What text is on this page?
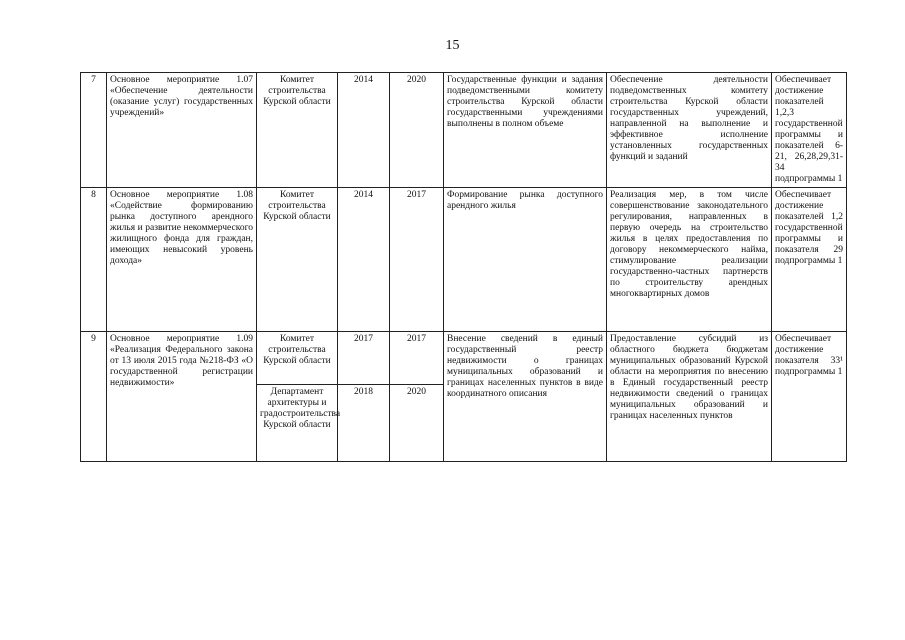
15
7	Основное мероприятие 1.07 «Обеспечение деятельности (оказание услуг) государственных учреждений»	Комитет строительства Курской области	2014	2020	Государственные функции и задания подведомственными комитету строительства Курской области государственными учреждениями выполнены в полном объеме	Обеспечение деятельности подведомственных комитету строительства Курской области государственных учреждений, направленной на выполнение и эффективное исполнение установленных государственных функций и заданий	Обеспечивает достижение показателей 1,2,3 государственной программы и показателей 6-21, 26,28,29,31-34 подпрограммы 1
8	Основное мероприятие 1.08 «Содействие формированию рынка доступного арендного жилья и развитие некоммерческого жилищного фонда для граждан, имеющих невысокий уровень дохода»	Комитет строительства Курской области	2014	2017	Формирование рынка доступного арендного жилья	Реализация мер, в том числе совершенствование законодательного регулирования, направленных в первую очередь на строительство жилья в целях предоставления по договору некоммерческого найма, стимулирование реализации государственно-частных партнерств по строительству арендных многоквартирных домов	Обеспечивает достижение показателей 1,2 государственной программы и показателя 29 подпрограммы 1
9	Основное мероприятие 1.09 «Реализация Федерального закона от 13 июля 2015 года №218-ФЗ «О государственной регистрации недвижимости»	Комитет строительства Курской области	2017	2017	Внесение сведений в единый государственный реестр недвижимости о границах муниципальных образований и границах населенных пунктов в виде координатного описания	Предоставление субсидий из областного бюджета бюджетам муниципальных образований Курской области на мероприятия по внесению в Единый государственный реестр недвижимости сведений о границах муниципальных образований и границах населенных пунктов	Обеспечивает достижение показателя 33¹ подпрограммы 1
		Департамент архитектуры и градостроительства Курской области	2018	2020			
